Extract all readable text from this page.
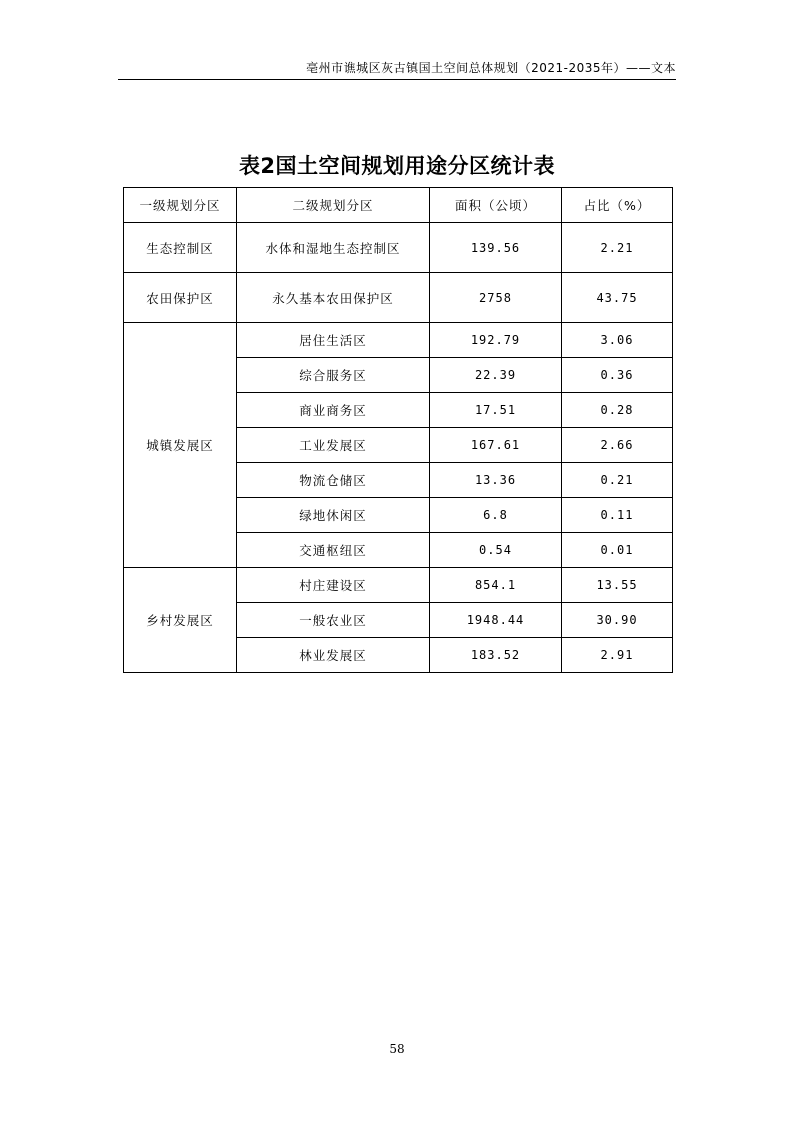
亳州市谯城区灰古镇国土空间总体规划（2021-2035年）——文本
表2国土空间规划用途分区统计表
一级规划分区	二级规划分区	面积（公顷）	占比（%）
生态控制区	水体和湿地生态控制区	139.56	2.21
农田保护区	永久基本农田保护区	2758	43.75
城镇发展区	居住生活区	192.79	3.06
	综合服务区	22.39	0.36
	商业商务区	17.51	0.28
	工业发展区	167.61	2.66
	物流仓储区	13.36	0.21
	绿地休闲区	6.8	0.11
	交通枢纽区	0.54	0.01
乡村发展区	村庄建设区	854.1	13.55
	一般农业区	1948.44	30.90
	林业发展区	183.52	2.91
58
